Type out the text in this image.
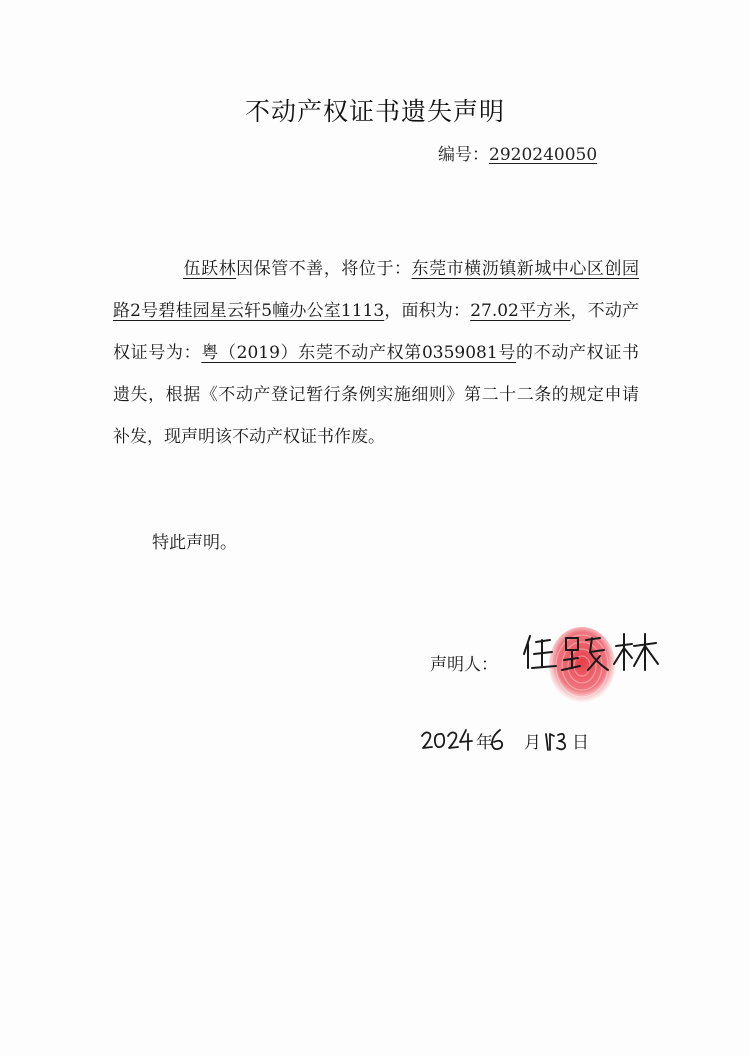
不动产权证书遗失声明
编号：2920240050
伍跃林因保管不善，将位于：东莞市横沥镇新城中心区创园路2号碧桂园星云轩5幢办公室1113，面积为：27.02平方米，不动产权证号为：粤（2019）东莞不动产权第0359081号的不动产权证书遗失，根据《不动产登记暂行条例实施细则》第二十二条的规定申请补发，现声明该不动产权证书作废。
特此声明。
声明人：
年 月 日
